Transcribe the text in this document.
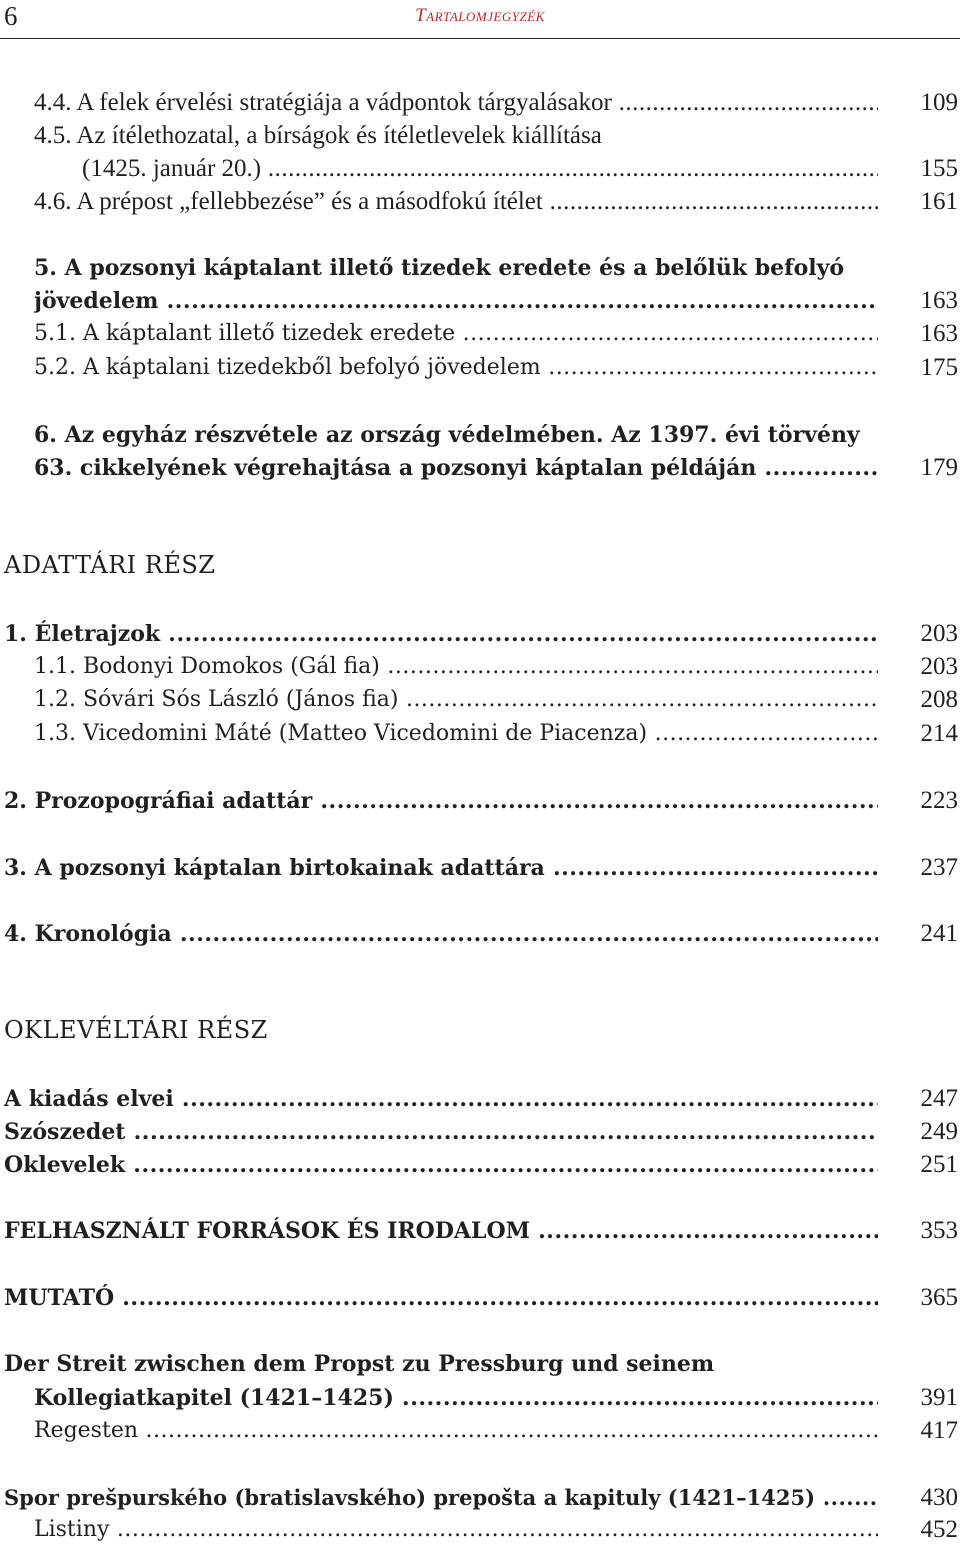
6	Tartalomjegyzék
4.4. A felek érvelési stratégiája a vádpontok tárgyalásakor .....	109
4.5. Az ítélethozatal, a bírságok és ítéletlevelek kiállítása
(1425. január 20.) .....	155
4.6. A prépost „fellebbezése” és a másodfokú ítélet .....	161
5. A pozsonyi káptalant illető tizedek eredete és a belőlük befolyó
jövedelem .....	163
5.1. A káptalant illető tizedek eredete .....	163
5.2. A káptalani tizedekből befolyó jövedelem .....	175
6. Az egyház részvétele az ország védelmében. Az 1397. évi törvény
63. cikkelyének végrehajtása a pozsonyi káptalan példáján .....	179
ADATTÁRI RÉSZ
1. Életrajzok .....	203
1.1. Bodonyi Domokos (Gál fia) .....	203
1.2. Sóvári Sós László (János fia) .....	208
1.3. Vicedomini Máté (Matteo Vicedomini de Piacenza) .....	214
2. Prozopográfiai adattár .....	223
3. A pozsonyi káptalan birtokainak adattára .....	237
4. Kronológia .....	241
OKLEVÉLTÁRI RÉSZ
A kiadás elvei .....	247
Szószedet .....	249
Oklevelek .....	251
FELHASZNÁLT FORRÁSOK ÉS IRODALOM .....	353
MUTATÓ .....	365
Der Streit zwischen dem Propst zu Pressburg und seinem
Kollegiatkapitel (1421–1425) .....	391
Regesten .....	417
Spor prešpurského (bratislavského) prepošta a kapituly (1421–1425) .....	430
Listiny .....	452
